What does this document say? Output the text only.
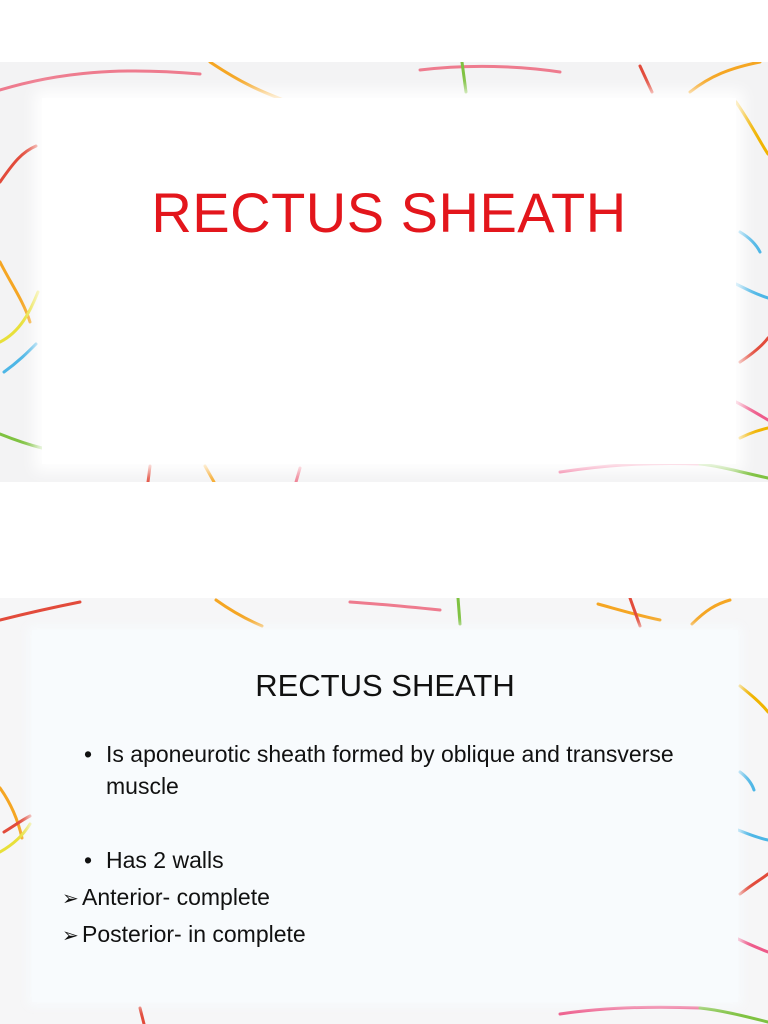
RECTUS SHEATH
RECTUS SHEATH
• Is aponeurotic sheath formed by oblique and transverse muscle
• Has 2 walls
➢ Anterior- complete
➢ Posterior- in complete
